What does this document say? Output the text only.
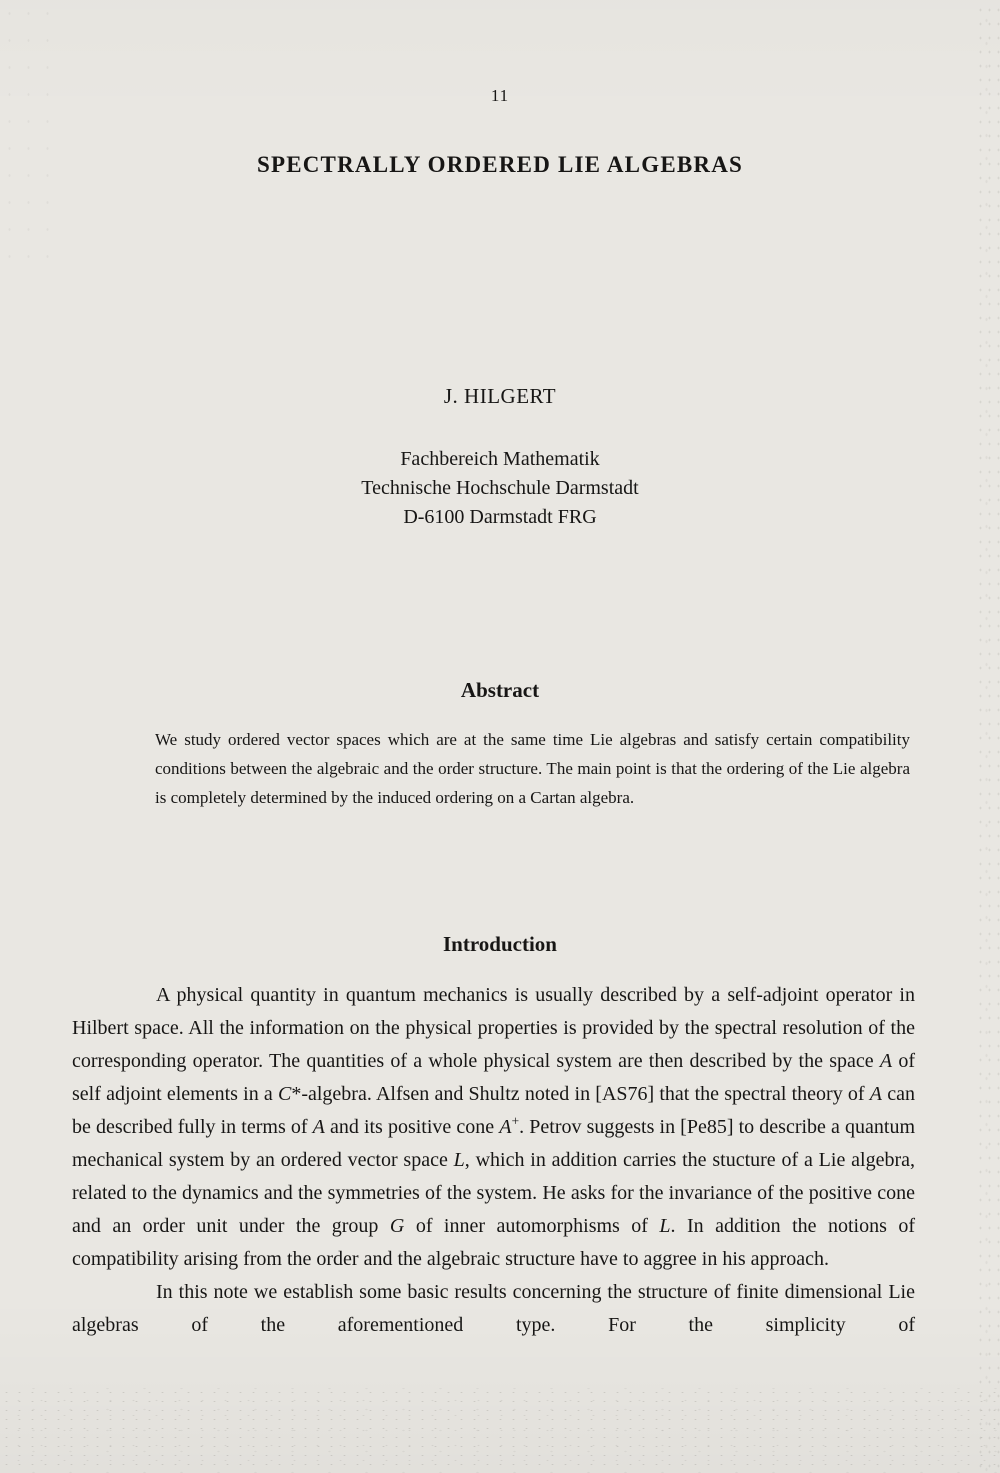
11
SPECTRALLY ORDERED LIE ALGEBRAS
J. HILGERT
Fachbereich Mathematik
Technische Hochschule Darmstadt
D-6100 Darmstadt FRG
Abstract

We study ordered vector spaces which are at the same time Lie algebras and satisfy certain compatibility conditions between the algebraic and the order structure. The main point is that the ordering of the Lie algebra is completely determined by the induced ordering on a Cartan algebra.

Introduction

A physical quantity in quantum mechanics is usually described by a self-adjoint operator in Hilbert space. All the information on the physical properties is provided by the spectral resolution of the corresponding operator. The quantities of a whole physical system are then described by the space A of self adjoint elements in a C*-algebra. Alfsen and Shultz noted in [AS76] that the spectral theory of A can be described fully in terms of A and its positive cone A+. Petrov suggests in [Pe85] to describe a quantum mechanical system by an ordered vector space L, which in addition carries the stucture of a Lie algebra, related to the dynamics and the symmetries of the system. He asks for the invariance of the positive cone and an order unit under the group G of inner automorphisms of L. In addition the notions of compatibility arising from the order and the algebraic structure have to aggree in his approach.

In this note we establish some basic results concerning the structure of finite dimensional Lie algebras of the aforementioned type. For the simplicity of
